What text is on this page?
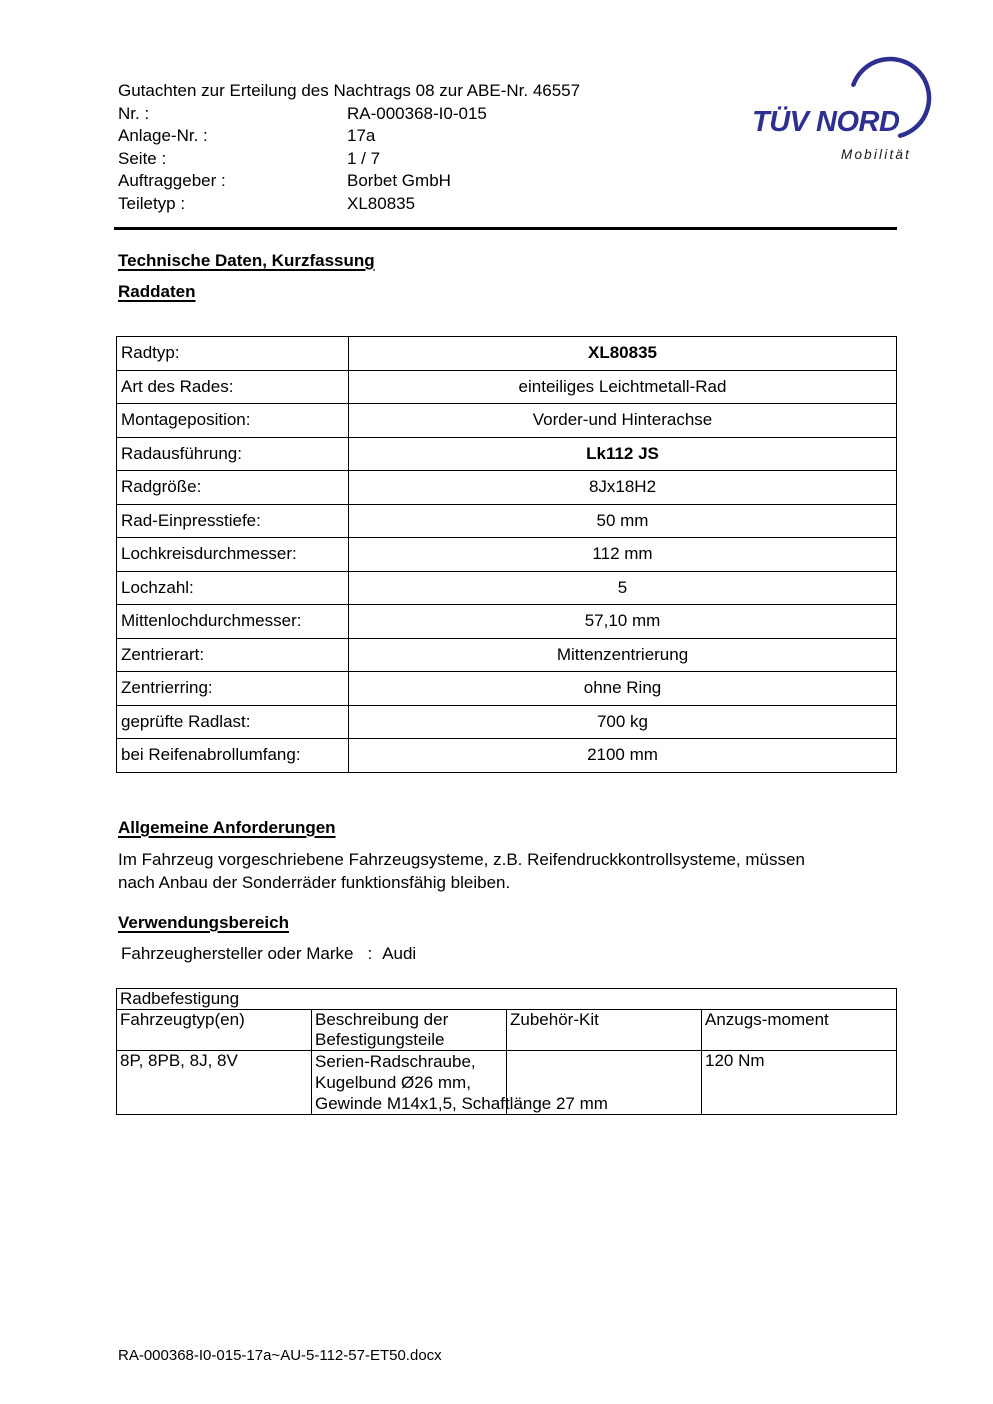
Gutachten zur Erteilung des Nachtrags 08 zur ABE-Nr. 46557
Nr. :	RA-000368-I0-015
Anlage-Nr. :	17a
Seite :	1 / 7
Auftraggeber :	Borbet GmbH
Teiletyp :	XL80835
TÜV NORD
Mobilität
Technische Daten, Kurzfassung
Raddaten
Radtyp:	XL80835
Art des Rades:	einteiliges Leichtmetall-Rad
Montageposition:	Vorder-und Hinterachse
Radausführung:	Lk112 JS
Radgröße:	8Jx18H2
Rad-Einpresstiefe:	50 mm
Lochkreisdurchmesser:	112 mm
Lochzahl:	5
Mittenlochdurchmesser:	57,10 mm
Zentrierart:	Mittenzentrierung
Zentrierring:	ohne Ring
geprüfte Radlast:	700 kg
bei Reifenabrollumfang:	2100 mm
Allgemeine Anforderungen
Im Fahrzeug vorgeschriebene Fahrzeugsysteme, z.B. Reifendruckkontrollsysteme, müssen
nach Anbau der Sonderräder funktionsfähig bleiben.
Verwendungsbereich
Fahrzeughersteller oder Marke : Audi
Radbefestigung			
Fahrzeugtyp(en)	Beschreibung der Befestigungsteile	Zubehör-Kit	Anzugs-moment
8P, 8PB, 8J, 8V	Serien-Radschraube,
Kugelbund Ø26 mm,
Gewinde M14x1,5, Schaftlänge 27 mm		120 Nm
RA-000368-I0-015-17a~AU-5-112-57-ET50.docx
